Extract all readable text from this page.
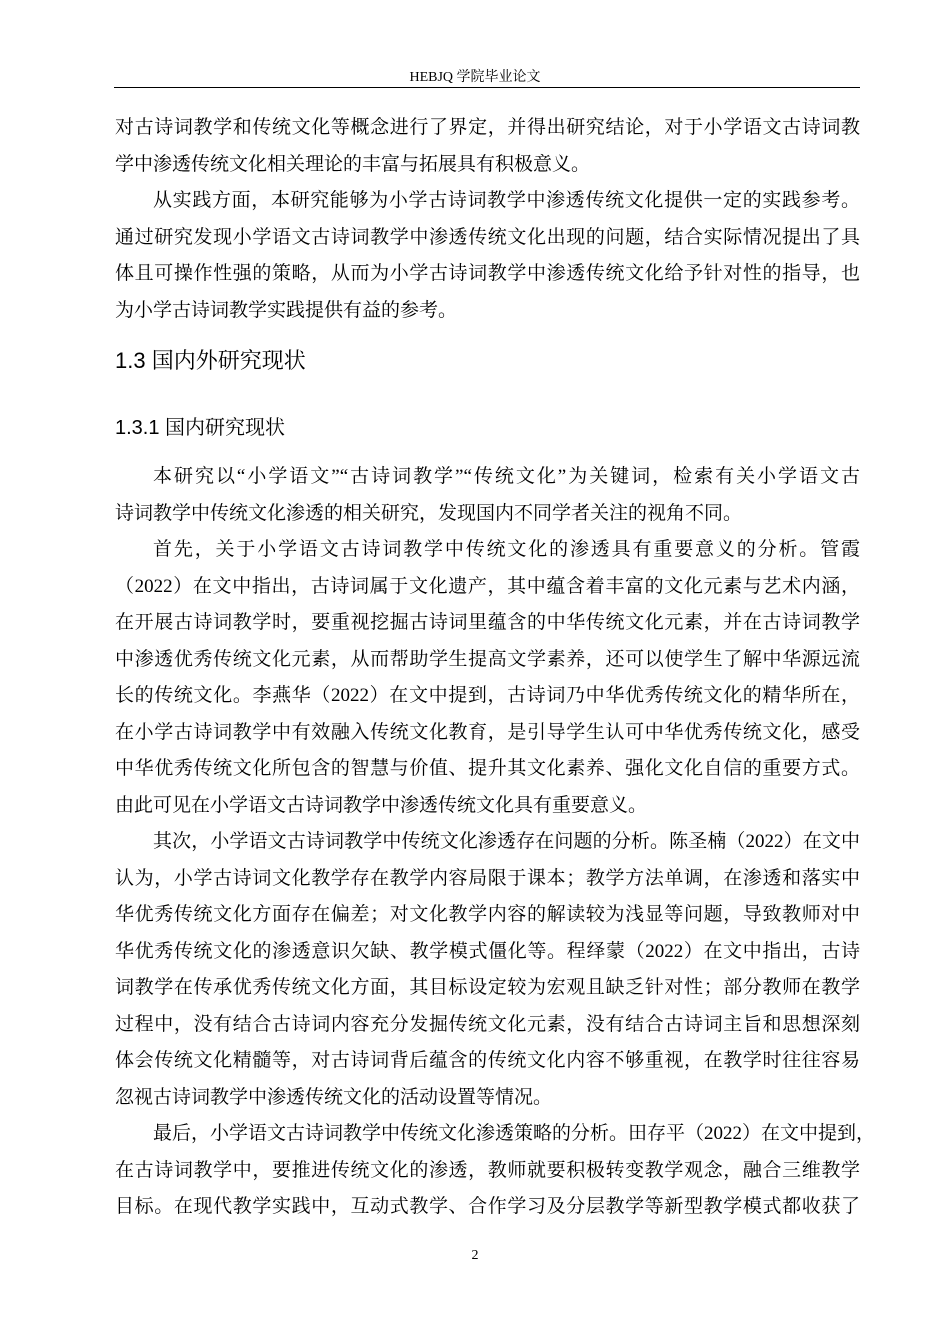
HEBJQ 学院毕业论文
对古诗词教学和传统文化等概念进行了界定，并得出研究结论，对于小学语文古诗词教
学中渗透传统文化相关理论的丰富与拓展具有积极意义。
从实践方面，本研究能够为小学古诗词教学中渗透传统文化提供一定的实践参考。
通过研究发现小学语文古诗词教学中渗透传统文化出现的问题，结合实际情况提出了具
体且可操作性强的策略，从而为小学古诗词教学中渗透传统文化给予针对性的指导，也
为小学古诗词教学实践提供有益的参考。
1.3 国内外研究现状
1.3.1 国内研究现状
本研究以“小学语文”“古诗词教学”“传统文化”为关键词，检索有关小学语文古
诗词教学中传统文化渗透的相关研究，发现国内不同学者关注的视角不同。
首先，关于小学语文古诗词教学中传统文化的渗透具有重要意义的分析。管霞
（2022）在文中指出，古诗词属于文化遗产，其中蕴含着丰富的文化元素与艺术内涵，
在开展古诗词教学时，要重视挖掘古诗词里蕴含的中华传统文化元素，并在古诗词教学
中渗透优秀传统文化元素，从而帮助学生提高文学素养，还可以使学生了解中华源远流
长的传统文化。李燕华（2022）在文中提到，古诗词乃中华优秀传统文化的精华所在，
在小学古诗词教学中有效融入传统文化教育，是引导学生认可中华优秀传统文化，感受
中华优秀传统文化所包含的智慧与价值、提升其文化素养、强化文化自信的重要方式。
由此可见在小学语文古诗词教学中渗透传统文化具有重要意义。
其次，小学语文古诗词教学中传统文化渗透存在问题的分析。陈圣楠（2022）在文中
认为，小学古诗词文化教学存在教学内容局限于课本；教学方法单调，在渗透和落实中
华优秀传统文化方面存在偏差；对文化教学内容的解读较为浅显等问题，导致教师对中
华优秀传统文化的渗透意识欠缺、教学模式僵化等。程绎蒙（2022）在文中指出，古诗
词教学在传承优秀传统文化方面，其目标设定较为宏观且缺乏针对性；部分教师在教学
过程中，没有结合古诗词内容充分发掘传统文化元素，没有结合古诗词主旨和思想深刻
体会传统文化精髓等，对古诗词背后蕴含的传统文化内容不够重视，在教学时往往容易
忽视古诗词教学中渗透传统文化的活动设置等情况。
最后，小学语文古诗词教学中传统文化渗透策略的分析。田存平（2022）在文中提到，
在古诗词教学中，要推进传统文化的渗透，教师就要积极转变教学观念，融合三维教学
目标。在现代教学实践中，互动式教学、合作学习及分层教学等新型教学模式都收获了
2
